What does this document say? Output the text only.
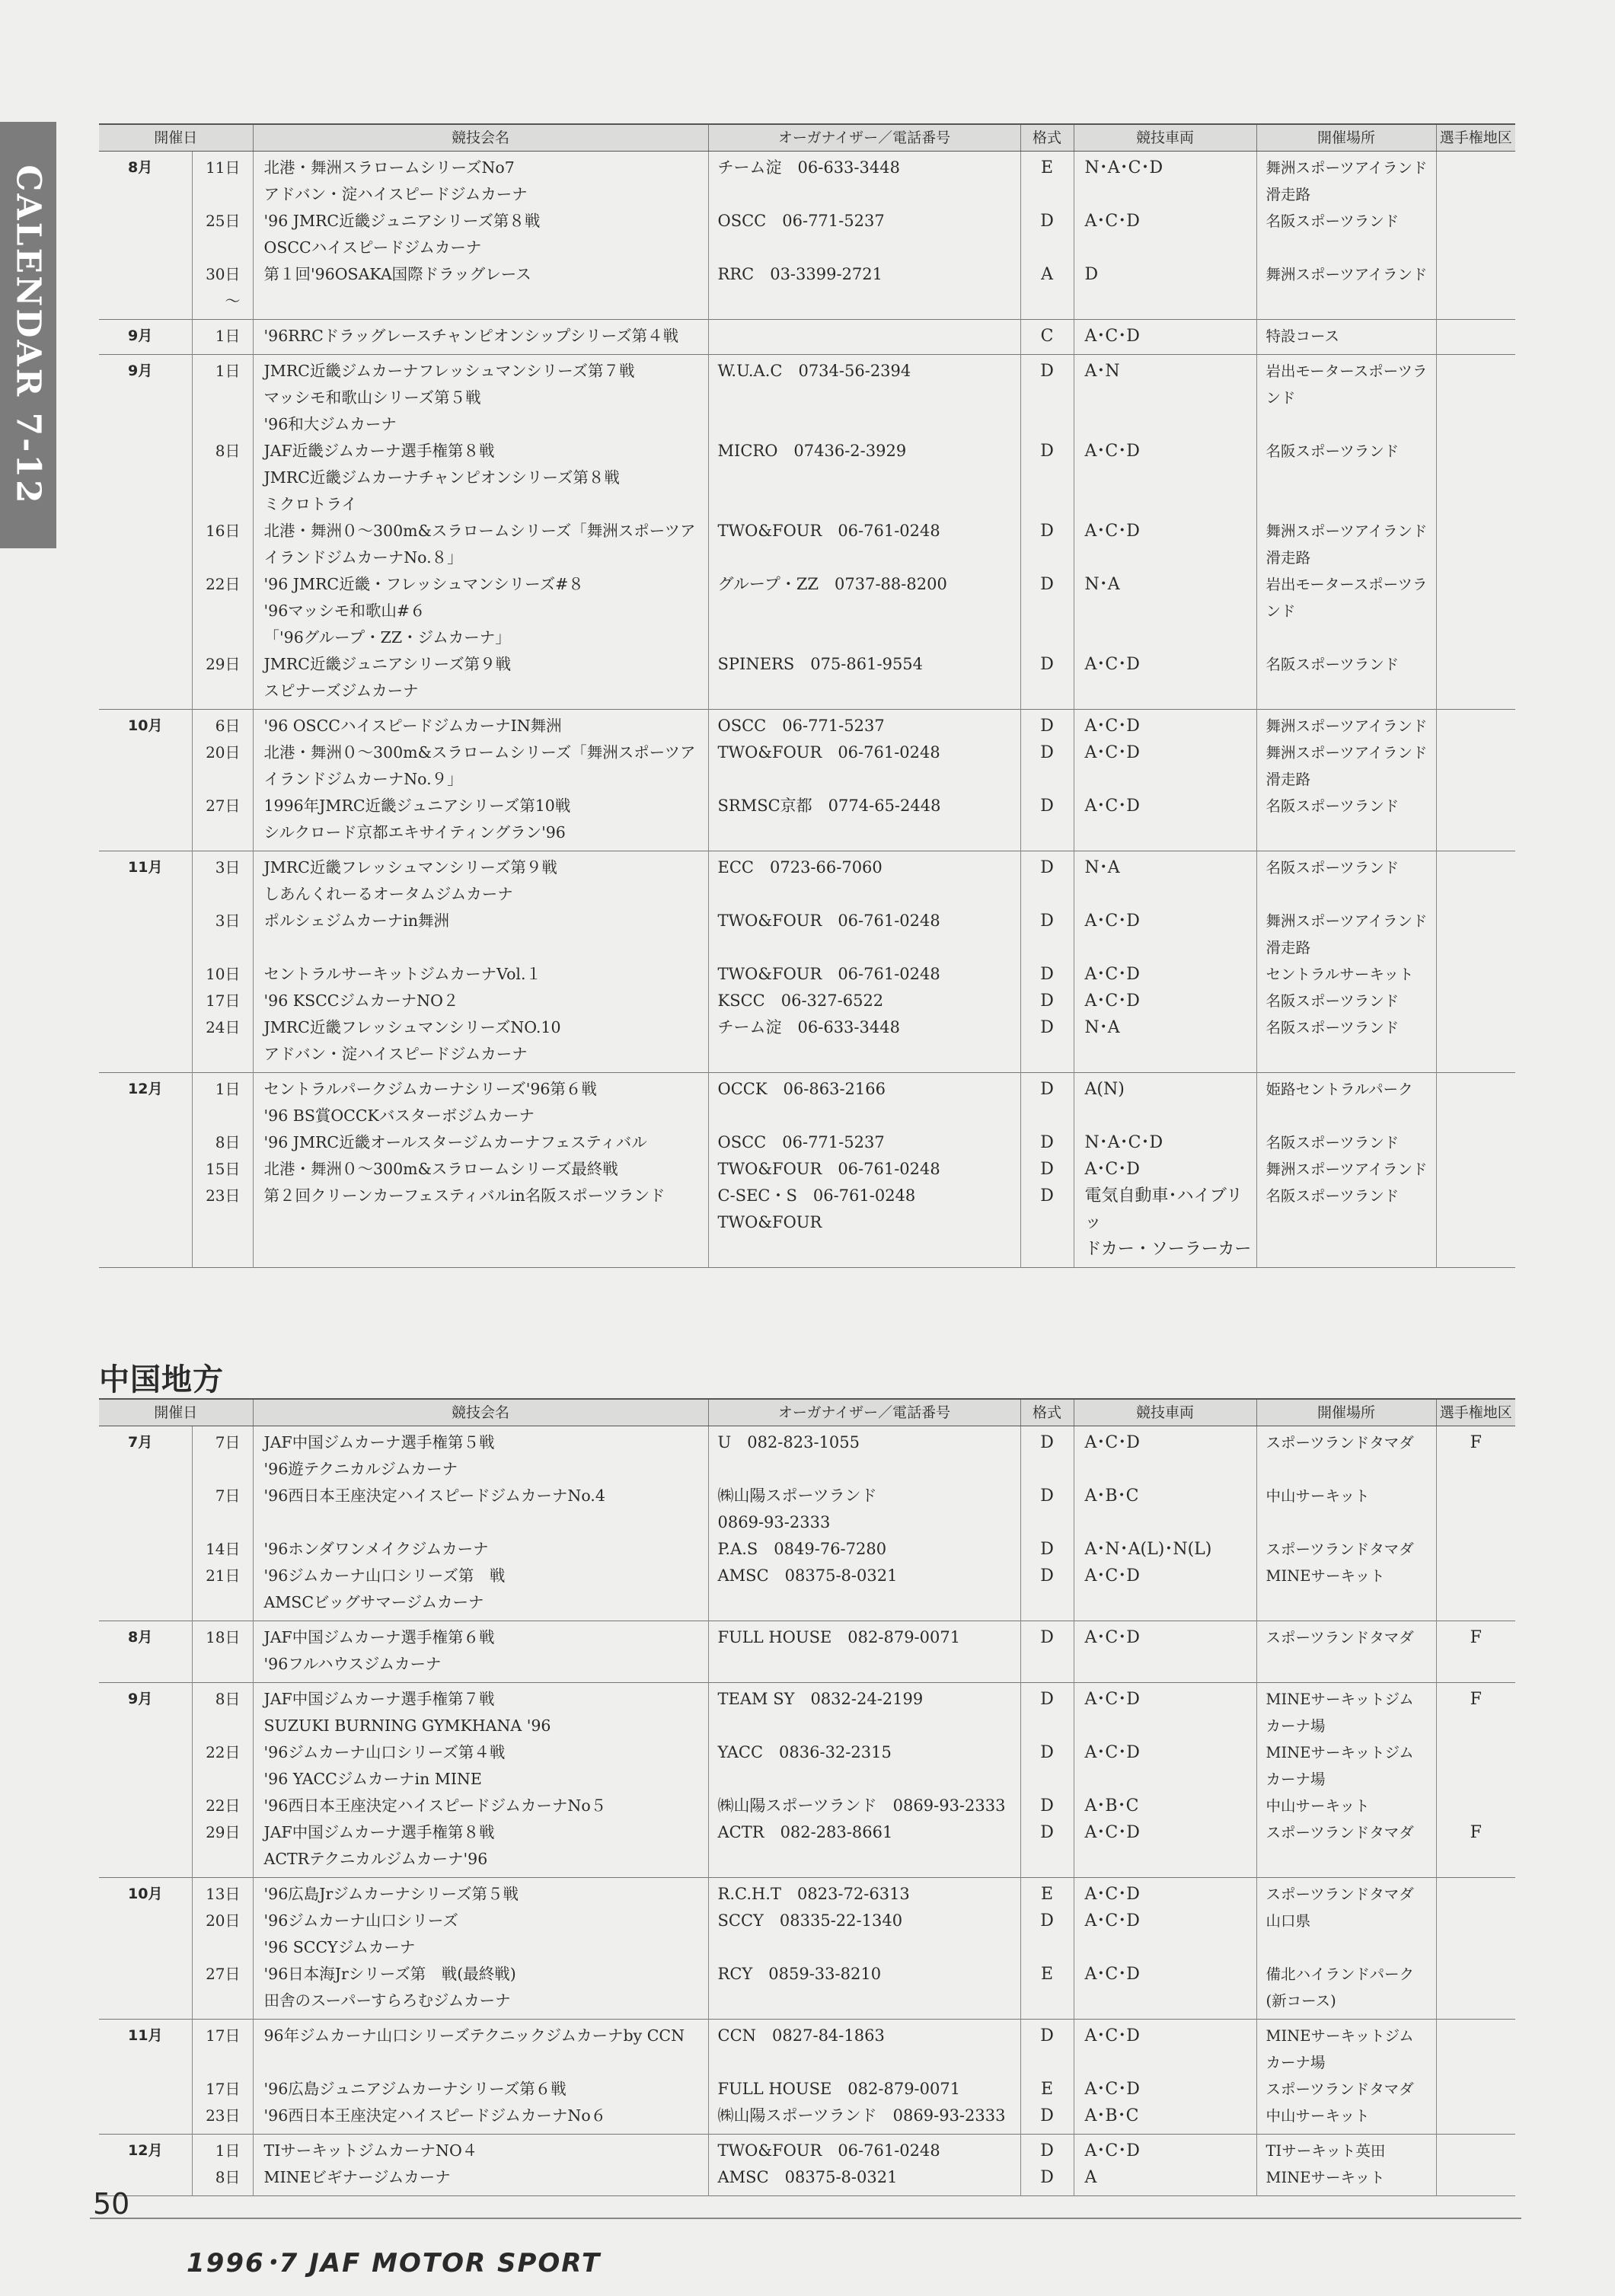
CALENDAR 7-12
開催日		競技会名	オーガナイザー／電話番号	格式	競技車両	開催場所	選手権地区
8月	11日	北港・舞洲スラロームシリーズNo7
アドバン・淀ハイスピードジムカーナ	チーム淀　06-633-3448	E	N･A･C･D	舞洲スポーツアイランド
滑走路	
	25日	'96 JMRC近畿ジュニアシリーズ第８戦
OSCCハイスピードジムカーナ	OSCC　06-771-5237	D	A･C･D	名阪スポーツランド	
	30日～	第１回'96OSAKA国際ドラッグレース	RRC　03-3399-2721	A	D	舞洲スポーツアイランド	
9月	1日	'96RRCドラッグレースチャンピオンシップシリーズ第４戦		C	A･C･D	特設コース	
9月	1日	JMRC近畿ジムカーナフレッシュマンシリーズ第７戦
マッシモ和歌山シリーズ第５戦
'96和大ジムカーナ	W.U.A.C　0734-56-2394	D	A･N	岩出モータースポーツラ
ンド	
	8日	JAF近畿ジムカーナ選手権第８戦
JMRC近畿ジムカーナチャンピオンシリーズ第８戦
ミクロトライ	MICRO　07436-2-3929	D	A･C･D	名阪スポーツランド	
	16日	北港・舞洲０～300m&スラロームシリーズ「舞洲スポーツア
イランドジムカーナNo.８」	TWO&FOUR　06-761-0248	D	A･C･D	舞洲スポーツアイランド
滑走路	
	22日	'96 JMRC近畿・フレッシュマンシリーズ#８
'96マッシモ和歌山#６
「'96グループ・ZZ・ジムカーナ」	グループ・ZZ　0737-88-8200	D	N･A	岩出モータースポーツラ
ンド	
	29日	JMRC近畿ジュニアシリーズ第９戦
スピナーズジムカーナ	SPINERS　075-861-9554	D	A･C･D	名阪スポーツランド	
10月	6日	'96 OSCCハイスピードジムカーナIN舞洲	OSCC　06-771-5237	D	A･C･D	舞洲スポーツアイランド	
	20日	北港・舞洲０～300m&スラロームシリーズ「舞洲スポーツア
イランドジムカーナNo.９」	TWO&FOUR　06-761-0248	D	A･C･D	舞洲スポーツアイランド
滑走路	
	27日	1996年JMRC近畿ジュニアシリーズ第10戦
シルクロード京都エキサイティングラン'96	SRMSC京都　0774-65-2448	D	A･C･D	名阪スポーツランド	
11月	3日	JMRC近畿フレッシュマンシリーズ第９戦
しあんくれーるオータムジムカーナ	ECC　0723-66-7060	D	N･A	名阪スポーツランド	
	3日	ポルシェジムカーナin舞洲	TWO&FOUR　06-761-0248	D	A･C･D	舞洲スポーツアイランド
滑走路	
	10日	セントラルサーキットジムカーナVol.１	TWO&FOUR　06-761-0248	D	A･C･D	セントラルサーキット	
	17日	'96 KSCCジムカーナNO２	KSCC　06-327-6522	D	A･C･D	名阪スポーツランド	
	24日	JMRC近畿フレッシュマンシリーズNO.10
アドバン・淀ハイスピードジムカーナ	チーム淀　06-633-3448	D	N･A	名阪スポーツランド	
12月	1日	セントラルパークジムカーナシリーズ'96第６戦
'96 BS賞OCCKバスターボジムカーナ	OCCK　06-863-2166	D	A(N)	姫路セントラルパーク	
	8日	'96 JMRC近畿オールスタージムカーナフェスティバル	OSCC　06-771-5237	D	N･A･C･D	名阪スポーツランド	
	15日	北港・舞洲０～300m&スラロームシリーズ最終戦	TWO&FOUR　06-761-0248	D	A･C･D	舞洲スポーツアイランド	
	23日	第２回クリーンカーフェスティバルin名阪スポーツランド	C-SEC・S　06-761-0248
TWO&FOUR	D	電気自動車･ハイブリッ
ドカー・ソーラーカー	名阪スポーツランド	
中国地方
開催日		競技会名	オーガナイザー／電話番号	格式	競技車両	開催場所	選手権地区
7月	7日	JAF中国ジムカーナ選手権第５戦
'96遊テクニカルジムカーナ	U　082-823-1055	D	A･C･D	スポーツランドタマダ	F
	7日	'96西日本王座決定ハイスピードジムカーナNo.4	㈱山陽スポーツランド
0869-93-2333	D	A･B･C	中山サーキット	
	14日	'96ホンダワンメイクジムカーナ	P.A.S　0849-76-7280	D	A･N･A(L)･N(L)	スポーツランドタマダ	
	21日	'96ジムカーナ山口シリーズ第　戦
AMSCビッグサマージムカーナ	AMSC　08375-8-0321	D	A･C･D	MINEサーキット	
8月	18日	JAF中国ジムカーナ選手権第６戦
'96フルハウスジムカーナ	FULL HOUSE　082-879-0071	D	A･C･D	スポーツランドタマダ	F
9月	8日	JAF中国ジムカーナ選手権第７戦
SUZUKI BURNING GYMKHANA '96	TEAM SY　0832-24-2199	D	A･C･D	MINEサーキットジム
カーナ場	F
	22日	'96ジムカーナ山口シリーズ第４戦
'96 YACCジムカーナin MINE	YACC　0836-32-2315	D	A･C･D	MINEサーキットジム
カーナ場	
	22日	'96西日本王座決定ハイスピードジムカーナNo５	㈱山陽スポーツランド　0869-93-2333	D	A･B･C	中山サーキット	
	29日	JAF中国ジムカーナ選手権第８戦
ACTRテクニカルジムカーナ'96	ACTR　082-283-8661	D	A･C･D	スポーツランドタマダ	F
10月	13日	'96広島Jrジムカーナシリーズ第５戦	R.C.H.T　0823-72-6313	E	A･C･D	スポーツランドタマダ	
	20日	'96ジムカーナ山口シリーズ
'96 SCCYジムカーナ	SCCY　08335-22-1340	D	A･C･D	山口県	
	27日	'96日本海Jrシリーズ第　戦(最終戦)
田舎のスーパーすらろむジムカーナ	RCY　0859-33-8210	E	A･C･D	備北ハイランドパーク
(新コース)	
11月	17日	96年ジムカーナ山口シリーズテクニックジムカーナby CCN	CCN　0827-84-1863	D	A･C･D	MINEサーキットジム
カーナ場	
	17日	'96広島ジュニアジムカーナシリーズ第６戦	FULL HOUSE　082-879-0071	E	A･C･D	スポーツランドタマダ	
	23日	'96西日本王座決定ハイスピードジムカーナNo６	㈱山陽スポーツランド　0869-93-2333	D	A･B･C	中山サーキット	
12月	1日	TIサーキットジムカーナNO４	TWO&FOUR　06-761-0248	D	A･C･D	TIサーキット英田	
	8日	MINEビギナージムカーナ	AMSC　08375-8-0321	D	A	MINEサーキット	
50
1996･7 JAF MOTOR SPORT
